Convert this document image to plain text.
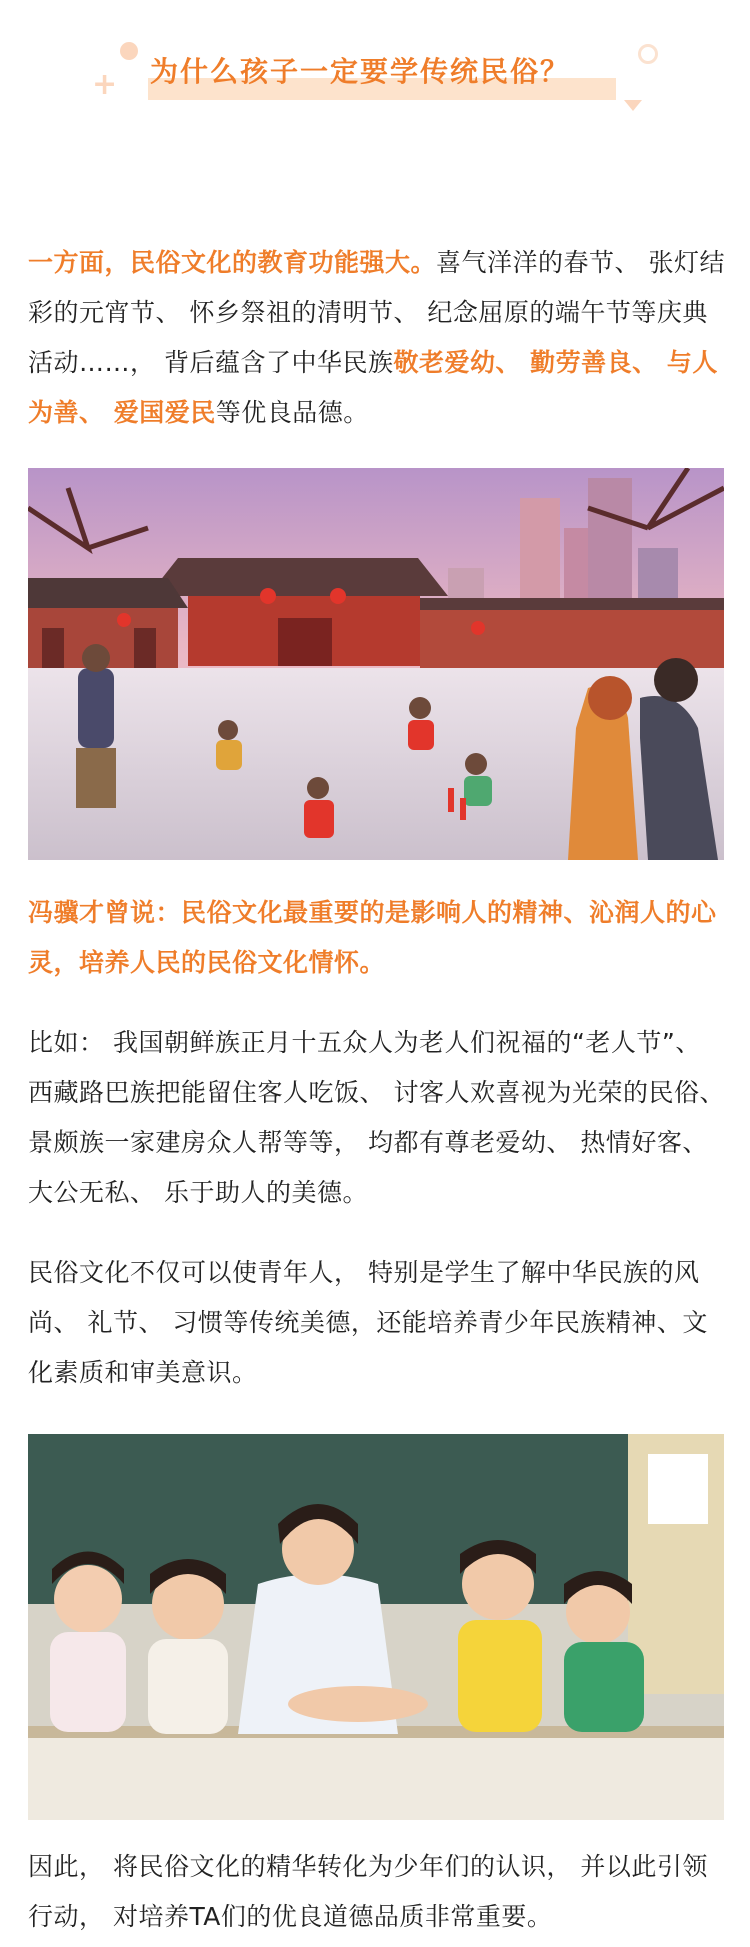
+ 为什么孩子一定要学传统民俗？

一方面，民俗文化的教育功能强大。喜气洋洋的春节、 张灯结彩的元宵节、 怀乡祭祖的清明节、 纪念屈原的端午节等庆典活动……， 背后蕴含了中华民族敬老爱幼、 勤劳善良、 与人为善、 爱国爱民等优良品德。

冯骥才曾说：民俗文化最重要的是影响人的精神、沁润人的心灵，培养人民的民俗文化情怀。

比如： 我国朝鲜族正月十五众人为老人们祝福的“老人节”、 西藏路巴族把能留住客人吃饭、 讨客人欢喜视为光荣的民俗、 景颇族一家建房众人帮等等， 均都有尊老爱幼、 热情好客、 大公无私、 乐于助人的美德。

民俗文化不仅可以使青年人， 特别是学生了解中华民族的风尚、 礼节、 习惯等传统美德，还能培养青少年民族精神、文化素质和审美意识。

因此， 将民俗文化的精华转化为少年们的认识， 并以此引领行动， 对培养TA们的优良道德品质非常重要。
